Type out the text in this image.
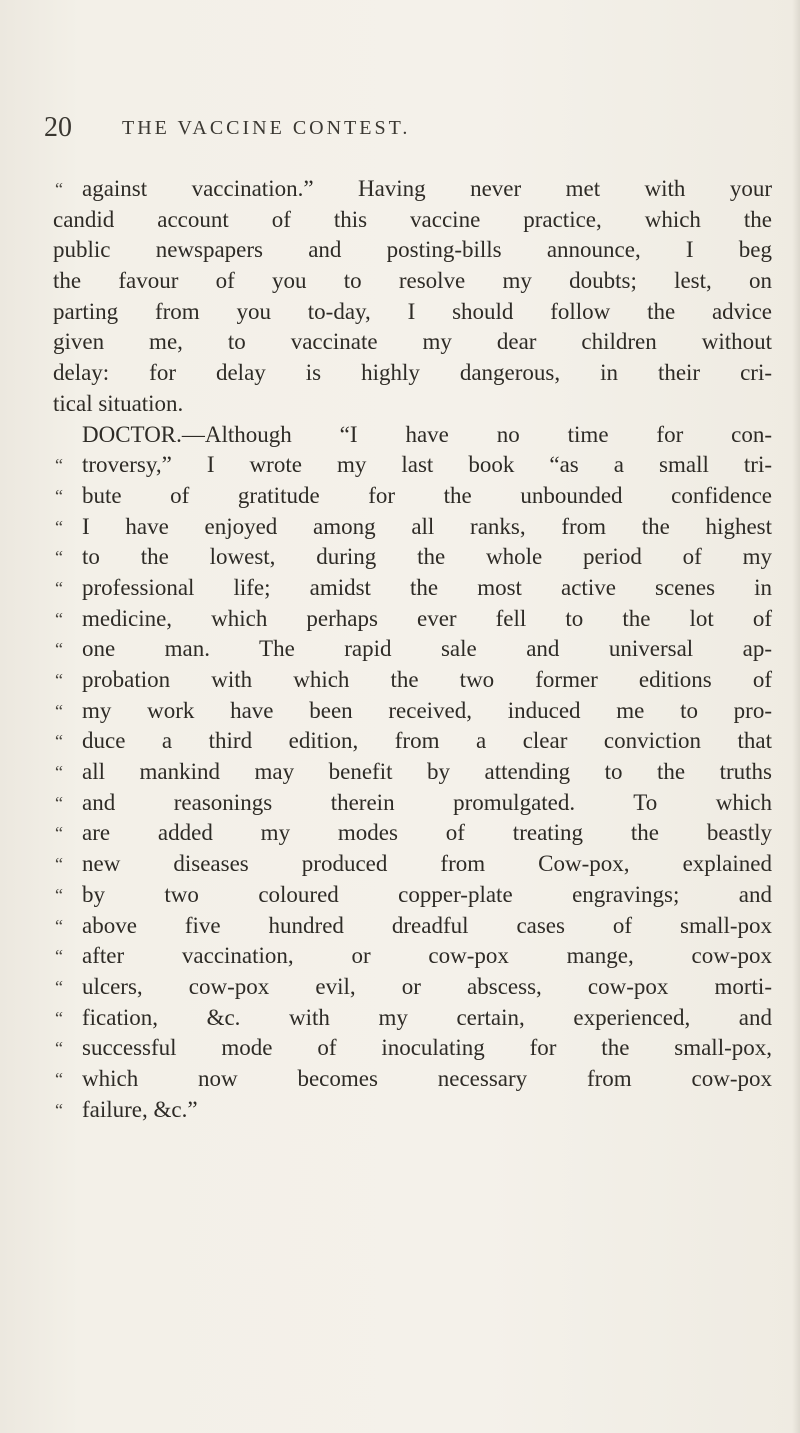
20	THE VACCINE CONTEST.
“ against vaccination.” Having never met with your
candid account of this vaccine practice, which the
public newspapers and posting-bills announce, I beg
the favour of you to resolve my doubts; lest, on
parting from you to-day, I should follow the advice
given me, to vaccinate my dear children without
delay: for delay is highly dangerous, in their cri-
tical situation.
DOCTOR.—Although “I have no time for con-
“ troversy,” I wrote my last book “as a small tri-
“ bute of gratitude for the unbounded confidence
“ I have enjoyed among all ranks, from the highest
“ to the lowest, during the whole period of my
“ professional life; amidst the most active scenes in
“ medicine, which perhaps ever fell to the lot of
“ one man. The rapid sale and universal ap-
“ probation with which the two former editions of
“ my work have been received, induced me to pro-
“ duce a third edition, from a clear conviction that
“ all mankind may benefit by attending to the truths
“ and reasonings therein promulgated. To which
“ are added my modes of treating the beastly
“ new diseases produced from Cow-pox, explained
“ by two coloured copper-plate engravings; and
“ above five hundred dreadful cases of small-pox
“ after vaccination, or cow-pox mange, cow-pox
“ ulcers, cow-pox evil, or abscess, cow-pox morti-
“ fication, &c. with my certain, experienced, and
“ successful mode of inoculating for the small-pox,
“ which now becomes necessary from cow-pox
“ failure, &c.”
